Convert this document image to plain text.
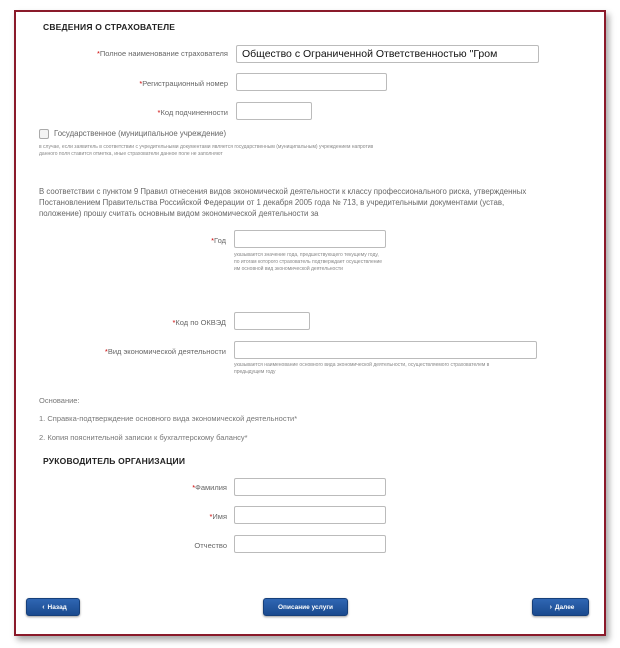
СВЕДЕНИЯ О СТРАХОВАТЕЛЕ
*Полное наименование страхователя	Общество с Ограниченной Ответственностью "Гром
*Регистрационный номер
*Код подчиненности
Государственное (муниципальное учреждение)
в случае, если заявитель в соответствии с учредительными документами является государственным (муниципальным) учреждением напротив данного поля ставится отметка, иные страхователи данное поле не заполняют
В соответствии с пунктом 9 Правил отнесения видов экономической деятельности к классу профессионального риска, утвержденных Постановлением Правительства Российской Федерации от 1 декабря 2005 года № 713, в учредительными документами (устав, положение) прошу считать основным видом экономической деятельности за
*Год
указывается значение года, предшествующего текущему году, по итогам которого страхователь подтверждает осуществление им основной вид экономической деятельности
*Код по ОКВЭД
*Вид экономической деятельности
указывается наименование основного вида экономической деятельности, осуществляемого страхователем в предыдущем году
Основание:
1. Справка-подтверждение основного вида экономической деятельности*
2. Копия пояснительной записки к бухгалтерскому балансу*
РУКОВОДИТЕЛЬ ОРГАНИЗАЦИИ
*Фамилия
*Имя
Отчество
‹ Назад	Описание услуги	› Далее
